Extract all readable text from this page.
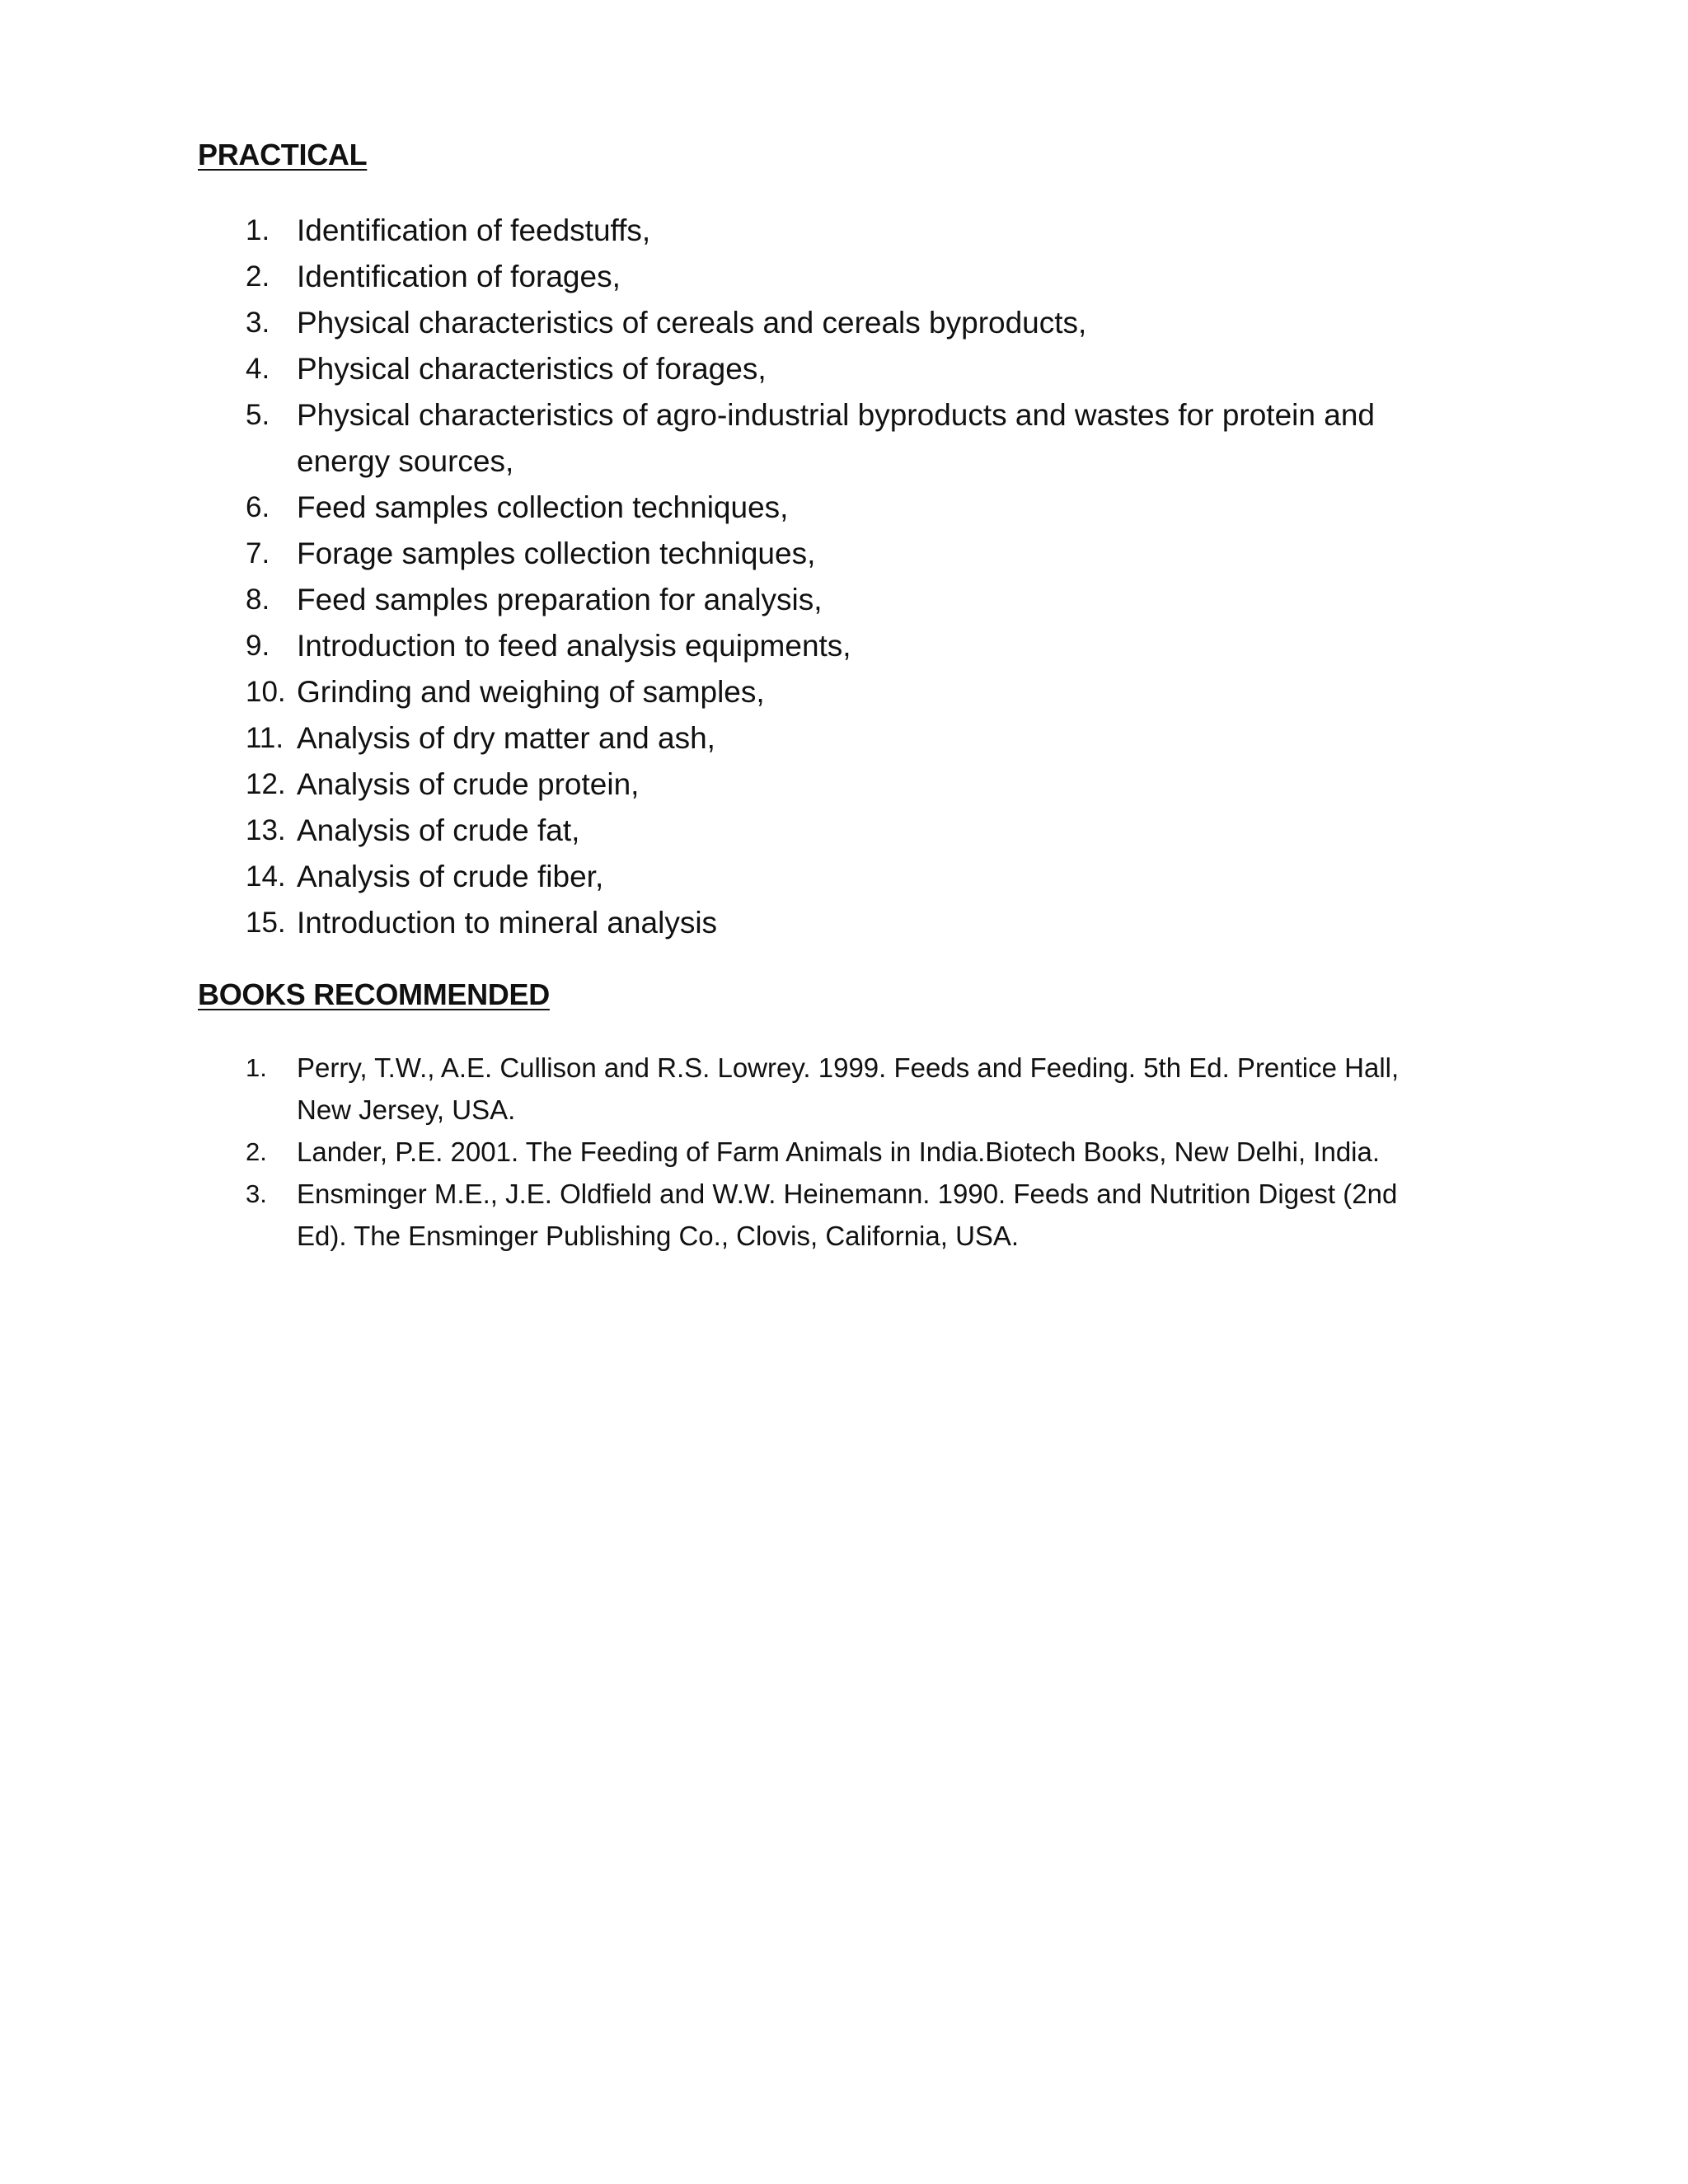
PRACTICAL
1. Identification of feedstuffs,
2. Identification of forages,
3. Physical characteristics of cereals and cereals byproducts,
4. Physical characteristics of forages,
5. Physical characteristics of agro-industrial byproducts and wastes for protein and energy sources,
6. Feed samples collection techniques,
7. Forage samples collection techniques,
8. Feed samples preparation for analysis,
9. Introduction to feed analysis equipments,
10. Grinding and weighing of samples,
11. Analysis of dry matter and ash,
12. Analysis of crude protein,
13. Analysis of crude fat,
14. Analysis of crude fiber,
15. Introduction to mineral analysis
BOOKS RECOMMENDED
1. Perry, T.W., A.E. Cullison and R.S. Lowrey. 1999. Feeds and Feeding. 5th Ed. Prentice Hall, New Jersey, USA.
2. Lander, P.E. 2001. The Feeding of Farm Animals in India.Biotech Books, New Delhi, India.
3. Ensminger M.E., J.E. Oldfield and W.W. Heinemann. 1990. Feeds and Nutrition Digest (2nd Ed). The Ensminger Publishing Co., Clovis, California, USA.
